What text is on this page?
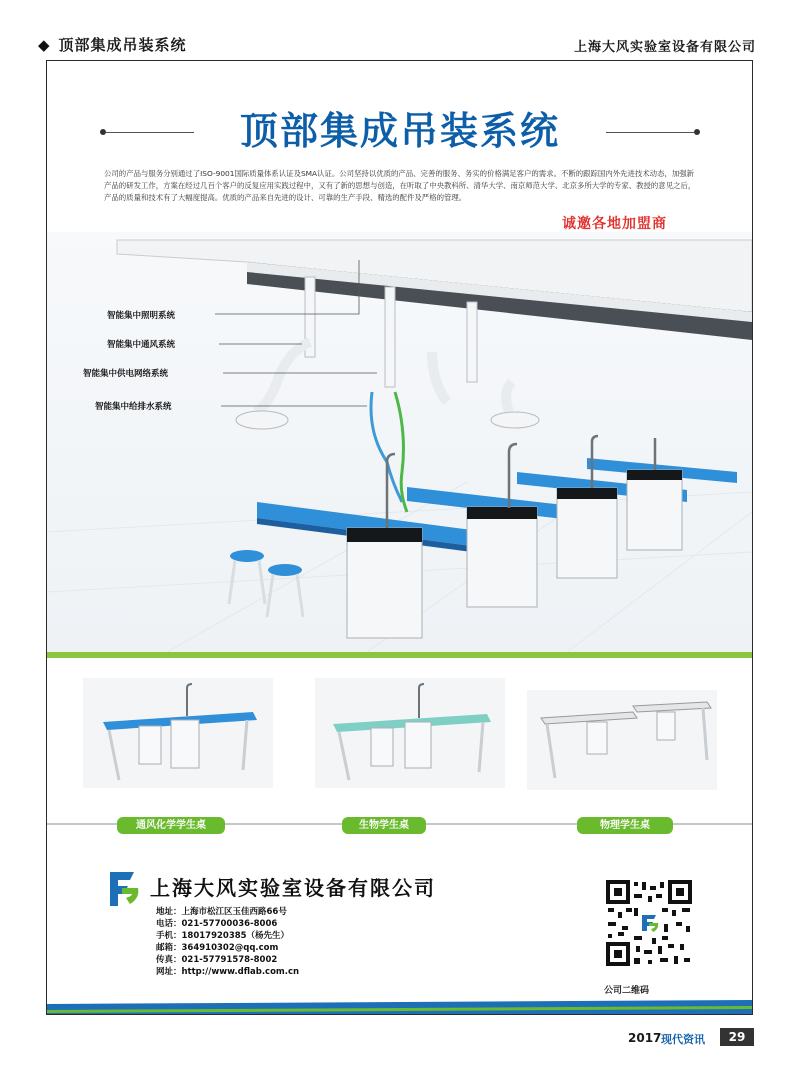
◆ 顶部集成吊装系统	上海大风实验室设备有限公司
顶部集成吊装系统
公司的产品与服务分别通过了ISO-9001国际质量体系认证及SMA认证。公司坚持以优质的产品、完善的服务、务实的价格满足客户的需求。不断的跟踪国内外先进技术动态，加强新产品的研发工作，方案在经过几百个客户的反复应用实践过程中，又有了新的思想与创造，在听取了中央教科所、清华大学、南京师范大学、北京多所大学的专家、教授的意见之后，产品的质量和技术有了大幅度提高。优质的产品来自先进的设计、可靠的生产手段、精选的配件及严格的管理。
诚邀各地加盟商
智能集中照明系统
智能集中通风系统
智能集中供电网络系统
智能集中给排水系统
通风化学学生桌	生物学生桌	物理学生桌
上海大风实验室设备有限公司
地址：上海市松江区玉佳西路66号
电话：021-57700036-8006
手机：18017920385（杨先生）
邮箱：364910302@qq.com
传真：021-57791578-8002
网址：http://www.dflab.com.cn
公司二维码
2017 现代资讯	29
